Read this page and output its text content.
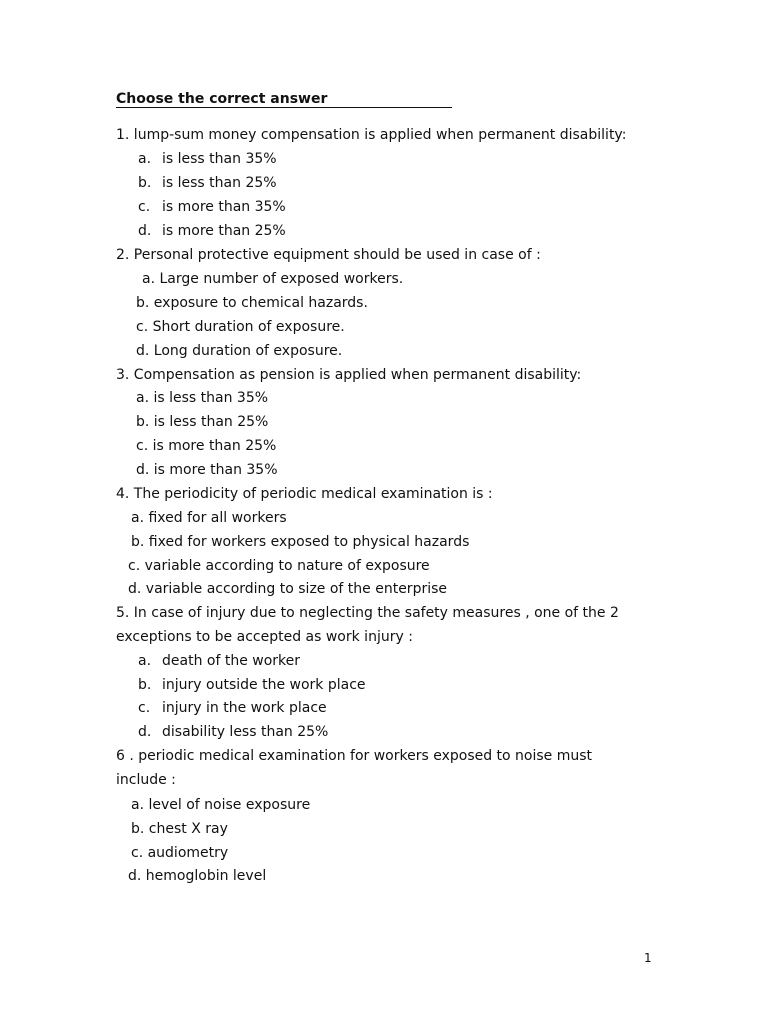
Choose the correct answer
1. lump-sum money compensation is applied when permanent disability:
a. is less than 35%
b. is less than 25%
c. is more than 35%
d. is more than 25%
2. Personal protective equipment should be used in case of :
a. Large number of exposed workers.
b. exposure to chemical hazards.
c. Short duration of exposure.
d. Long duration of exposure.
3. Compensation as pension is applied when permanent disability:
a. is less than 35%
b. is less than 25%
c. is more than 25%
d. is more than 35%
4. The periodicity of periodic medical examination is :
a. fixed for all workers
b. fixed for workers exposed to physical hazards
c. variable according to nature of exposure
d. variable according to size of the enterprise
5. In case of injury due to neglecting the safety measures , one of the 2
exceptions to be accepted as work injury :
a. death of the worker
b. injury outside the work place
c. injury in the work place
d. disability less than 25%
6 . periodic medical examination for workers exposed to noise must
include :
a. level of noise exposure
b. chest X ray
c. audiometry
d. hemoglobin level
1
